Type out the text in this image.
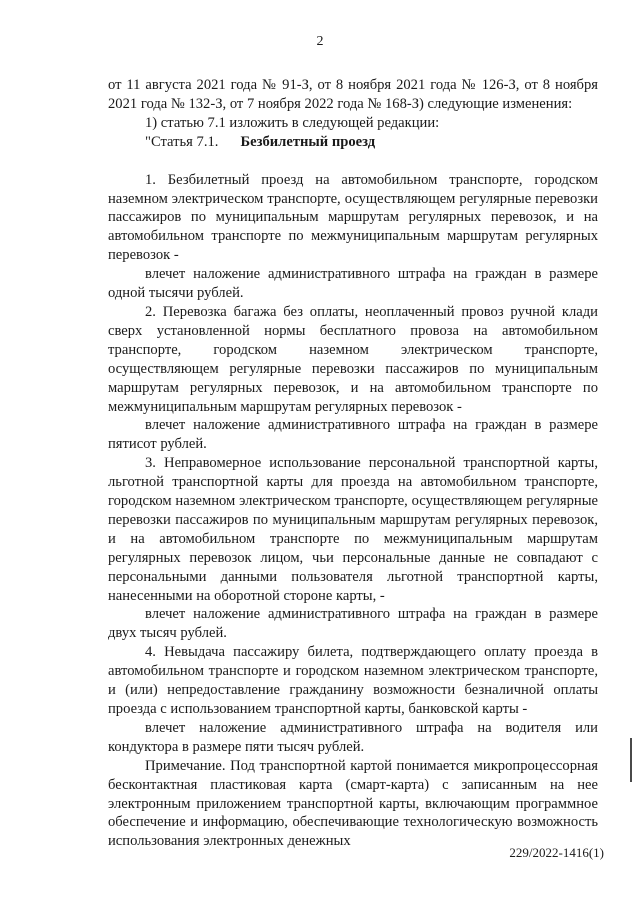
2

от 11 августа 2021 года № 91-З, от 8 ноября 2021 года № 126-З, от 8 ноября 2021 года № 132-З, от 7 ноября 2022 года № 168-З) следующие изменения:

1) статью 7.1 изложить в следующей редакции:

"Статья 7.1. Безбилетный проезд

1. Безбилетный проезд на автомобильном транспорте, городском наземном электрическом транспорте, осуществляющем регулярные перевозки пассажиров по муниципальным маршрутам регулярных перевозок, и на автомобильном транспорте по межмуниципальным маршрутам регулярных перевозок -

влечет наложение административного штрафа на граждан в размере одной тысячи рублей.

2. Перевозка багажа без оплаты, неоплаченный провоз ручной клади сверх установленной нормы бесплатного провоза на автомобильном транспорте, городском наземном электрическом транспорте, осуществляющем регулярные перевозки пассажиров по муниципальным маршрутам регулярных перевозок, и на автомобильном транспорте по межмуниципальным маршрутам регулярных перевозок -

влечет наложение административного штрафа на граждан в размере пятисот рублей.

3. Неправомерное использование персональной транспортной карты, льготной транспортной карты для проезда на автомобильном транспорте, городском наземном электрическом транспорте, осуществляющем регулярные перевозки пассажиров по муниципальным маршрутам регулярных перевозок, и на автомобильном транспорте по межмуниципальным маршрутам регулярных перевозок лицом, чьи персональные данные не совпадают с персональными данными пользователя льготной транспортной карты, нанесенными на оборотной стороне карты, -

влечет наложение административного штрафа на граждан в размере двух тысяч рублей.

4. Невыдача пассажиру билета, подтверждающего оплату проезда в автомобильном транспорте и городском наземном электрическом транспорте, и (или) непредоставление гражданину возможности безналичной оплаты проезда с использованием транспортной карты, банковской карты -

влечет наложение административного штрафа на водителя или кондуктора в размере пяти тысяч рублей.

Примечание. Под транспортной картой понимается микропроцессорная бесконтактная пластиковая карта (смарт-карта) с записанным на нее электронным приложением транспортной карты, включающим программное обеспечение и информацию, обеспечивающие технологическую возможность использования электронных денежных

229/2022-1416(1)
